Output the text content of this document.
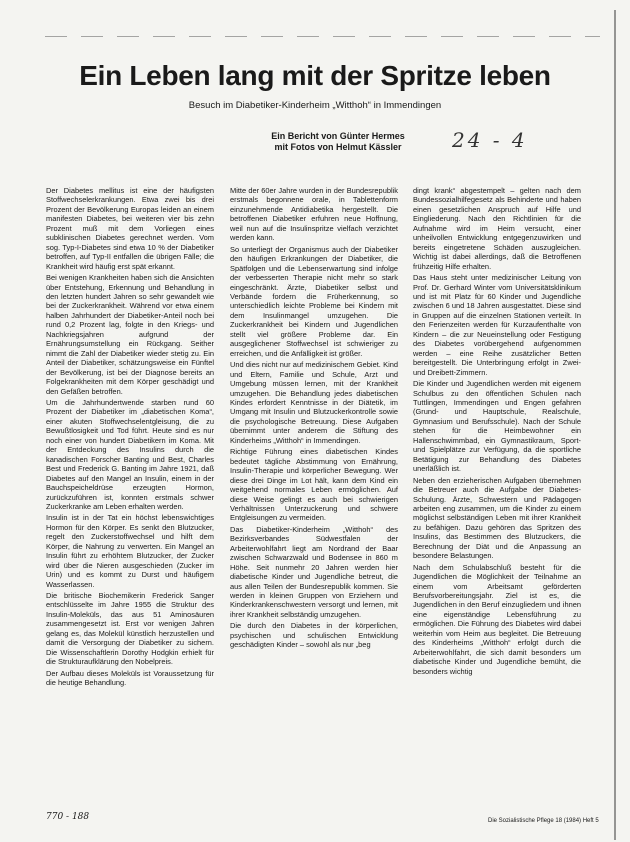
Ein Leben lang mit der Spritze leben
Besuch im Diabetiker-Kinderheim „Witthoh“ in Immendingen
Ein Bericht von Günter Hermes
mit Fotos von Helmut Kässler	24 - 4

Der Diabetes mellitus ist eine der häufigsten Stoffwechselerkrankungen. Etwa zwei bis drei Prozent der Bevölkerung Europas leiden an einem manifesten Diabetes, bei weiteren vier bis zehn Prozent muß mit dem Vorliegen eines subklinischen Diabetes gerechnet werden. Vom sog. Typ-I-Diabetes sind etwa 10 % der Diabetiker betroffen, auf Typ-II entfallen die übrigen Fälle; die Krankheit wird häufig erst spät erkannt.

Bei wenigen Krankheiten haben sich die Ansichten über Entstehung, Erkennung und Behandlung in den letzten hundert Jahren so sehr gewandelt wie bei der Zuckerkrankheit. Während vor etwa einem halben Jahrhundert der Diabetiker-Anteil noch bei rund 0,2 Prozent lag, folgte in den Kriegs- und Nachkriegsjahren aufgrund der Ernährungsumstellung ein Rückgang. Seither nimmt die Zahl der Diabetiker wieder stetig zu. Ein Anteil der Diabetiker, schätzungsweise ein Fünftel der Bevölkerung, ist bei der Diagnose bereits an Folgekrankheiten mit dem Körper geschädigt und den Gefäßen betroffen.

Um die Jahrhundertwende starben rund 60 Prozent der Diabetiker im „diabetischen Koma“, einer akuten Stoffwechselentgleisung, die zu Bewußtlosigkeit und Tod führt. Heute sind es nur noch einer von hundert Diabetikern im Koma. Mit der Entdeckung des Insulins durch die kanadischen Forscher Banting und Best, Charles Best und Frederick G. Banting im Jahre 1921, daß Diabetes auf den Mangel an Insulin, einem in der Bauchspeicheldrüse erzeugten Hormon, zurückzuführen ist, konnten erstmals schwer Zuckerkranke am Leben erhalten werden.

Insulin ist in der Tat ein höchst lebenswichtiges Hormon für den Körper. Es senkt den Blutzucker, regelt den Zuckerstoffwechsel und hilft dem Körper, die Nahrung zu verwerten. Ein Mangel an Insulin führt zu erhöhtem Blutzucker, der Zucker wird über die Nieren ausgeschieden (Zucker im Urin) und es kommt zu Durst und häufigem Wasserlassen.

Die britische Biochemikerin Frederick Sanger entschlüsselte im Jahre 1955 die Struktur des Insulin-Moleküls, das aus 51 Aminosäuren zusammengesetzt ist. Erst vor wenigen Jahren gelang es, das Molekül künstlich herzustellen und damit die Versorgung der Diabetiker zu sichern. Die Wissenschaftlerin Dorothy Hodgkin erhielt für die Strukturaufklärung den Nobelpreis.

Der Aufbau dieses Moleküls ist Voraussetzung für die heutige Behandlung.

Mitte der 60er Jahre wurden in der Bundesrepublik erstmals begonnene orale, in Tablettenform einzunehmende Antidiabetika hergestellt. Die betroffenen Diabetiker erfuhren neue Hoffnung, weil nun auf die Insulinspritze vielfach verzichtet werden kann.

So unterliegt der Organismus auch der Diabetiker den häufigen Erkrankungen der Diabetiker, die Spätfolgen und die Lebenserwartung sind infolge der verbesserten Therapie nicht mehr so stark eingeschränkt. Ärzte, Diabetiker selbst und Verbände fordern die Früherkennung, so unterschiedlich leichte Probleme bei Kindern mit dem Insulinmangel umzugehen. Die Zuckerkrankheit bei Kindern und Jugendlichen stellt viel größere Probleme dar. Ein ausgeglichener Stoffwechsel ist schwieriger zu erreichen, und die Anfälligkeit ist größer.

Und dies nicht nur auf medizinischem Gebiet. Kind und Eltern, Familie und Schule, Arzt und Umgebung müssen lernen, mit der Krankheit umzugehen. Die Behandlung jedes diabetischen Kindes erfordert Kenntnisse in der Diätetik, im Umgang mit Insulin und Blutzuckerkontrolle sowie die psychologische Betreuung. Diese Aufgaben übernimmt unter anderem die Stiftung des Kinderheims „Witthoh“ in Immendingen.

Richtige Führung eines diabetischen Kindes bedeutet tägliche Abstimmung von Ernährung, Insulin-Therapie und körperlicher Bewegung. Wer diese drei Dinge im Lot hält, kann dem Kind ein weitgehend normales Leben ermöglichen. Auf diese Weise gelingt es auch bei schwierigen Verhältnissen Unterzuckerung und schwere Entgleisungen zu vermeiden.

Das Diabetiker-Kinderheim „Witthoh“ des Bezirksverbandes Südwestfalen der Arbeiterwohlfahrt liegt am Nordrand der Baar zwischen Schwarzwald und Bodensee in 860 m Höhe. Seit nunmehr 20 Jahren werden hier diabetische Kinder und Jugendliche betreut, die aus allen Teilen der Bundesrepublik kommen. Sie werden in kleinen Gruppen von Erziehern und Kinderkrankenschwestern versorgt und lernen, mit ihrer Krankheit selbständig umzugehen.

Die durch den Diabetes in der körperlichen, psychischen und schulischen Entwicklung geschädigten Kinder – sowohl als nur „beg

dingt krank“ abgestempelt – gelten nach dem Bundessozialhilfegesetz als Behinderte und haben einen gesetzlichen Anspruch auf Hilfe und Eingliederung. Nach den Richtlinien für die Aufnahme wird im Heim versucht, einer unheilvollen Entwicklung entgegenzuwirken und bereits eingetretene Schäden auszugleichen. Wichtig ist dabei allerdings, daß die Betroffenen frühzeitig Hilfe erhalten.

Das Haus steht unter medizinischer Leitung von Prof. Dr. Gerhard Winter vom Universitätsklinikum und ist mit Platz für 60 Kinder und Jugendliche zwischen 6 und 18 Jahren ausgestattet. Diese sind in Gruppen auf die einzelnen Stationen verteilt. In den Ferienzeiten werden für Kurzaufenthalte von Kindern – die zur Neueinstellung oder Festigung des Diabetes vorübergehend aufgenommen werden – eine Reihe zusätzlicher Betten bereitgestellt. Die Unterbringung erfolgt in Zwei- und Dreibett-Zimmern.

Die Kinder und Jugendlichen werden mit eigenem Schulbus zu den öffentlichen Schulen nach Tuttlingen, Immendingen und Engen gefahren (Grund- und Hauptschule, Realschule, Gymnasium und Berufsschule). Nach der Schule stehen für die Heimbewohner ein Hallenschwimmbad, ein Gymnastikraum, Sport- und Spielplätze zur Verfügung, da die sportliche Betätigung zur Behandlung des Diabetes unerläßlich ist.

Neben den erzieherischen Aufgaben übernehmen die Betreuer auch die Aufgabe der Diabetes-Schulung. Ärzte, Schwestern und Pädagogen arbeiten eng zusammen, um die Kinder zu einem möglichst selbständigen Leben mit ihrer Krankheit zu befähigen. Dazu gehören das Spritzen des Insulins, das Bestimmen des Blutzuckers, die Berechnung der Diät und die Anpassung an besondere Belastungen.

Nach dem Schulabschluß besteht für die Jugendlichen die Möglichkeit der Teilnahme an einem vom Arbeitsamt geförderten Berufsvorbereitungsjahr. Ziel ist es, die Jugendlichen in den Beruf einzugliedern und ihnen eine eigenständige Lebensführung zu ermöglichen. Die Führung des Diabetes wird dabei weiterhin vom Heim aus begleitet. Die Betreuung des Kinderheims „Witthoh“ erfolgt durch die Arbeiterwohlfahrt, die sich damit besonders um diabetische Kinder und Jugendliche bemüht, die besonders wichtig

770 - 188	Die Sozialistische Pflege 18 (1984) Heft 5
